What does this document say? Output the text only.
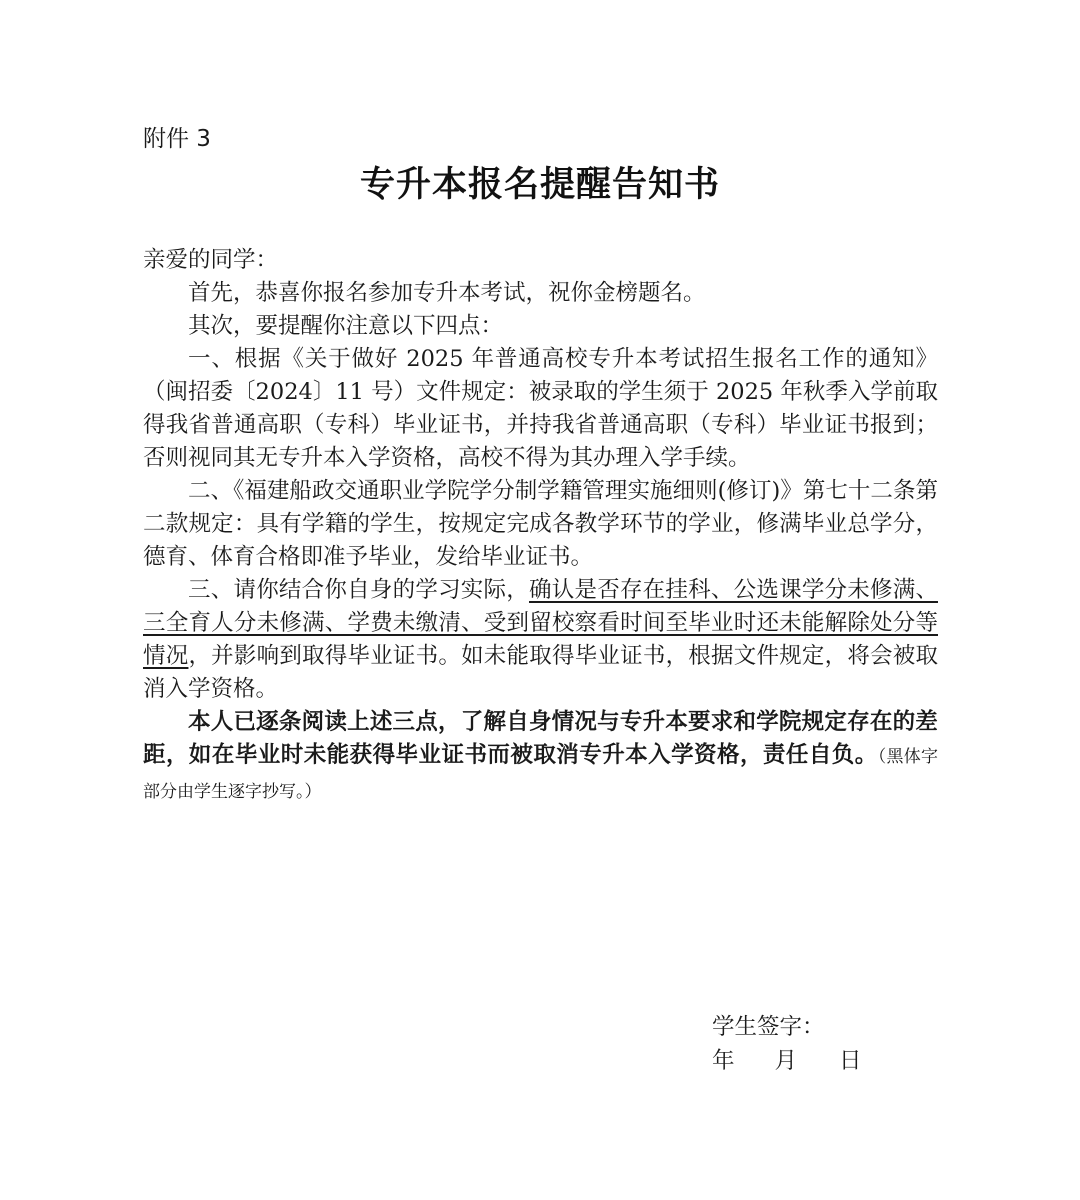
附件 3
专升本报名提醒告知书

亲爱的同学：

首先，恭喜你报名参加专升本考试，祝你金榜题名。

其次，要提醒你注意以下四点：

一、根据《关于做好 2025 年普通高校专升本考试招生报名工作的通知》（闽招委〔2024〕11 号）文件规定：被录取的学生须于 2025 年秋季入学前取得我省普通高职（专科）毕业证书，并持我省普通高职（专科）毕业证书报到；否则视同其无专升本入学资格，高校不得为其办理入学手续。

二、《福建船政交通职业学院学分制学籍管理实施细则(修订)》第七十二条第二款规定：具有学籍的学生，按规定完成各教学环节的学业，修满毕业总学分，德育、体育合格即准予毕业，发给毕业证书。

三、请你结合你自身的学习实际，确认是否存在挂科、公选课学分未修满、三全育人分未修满、学费未缴清、受到留校察看时间至毕业时还未能解除处分等情况，并影响到取得毕业证书。如未能取得毕业证书，根据文件规定，将会被取消入学资格。

本人已逐条阅读上述三点，了解自身情况与专升本要求和学院规定存在的差距，如在毕业时未能获得毕业证书而被取消专升本入学资格，责任自负。（黑体字部分由学生逐字抄写。）

学生签字：
年 月 日
